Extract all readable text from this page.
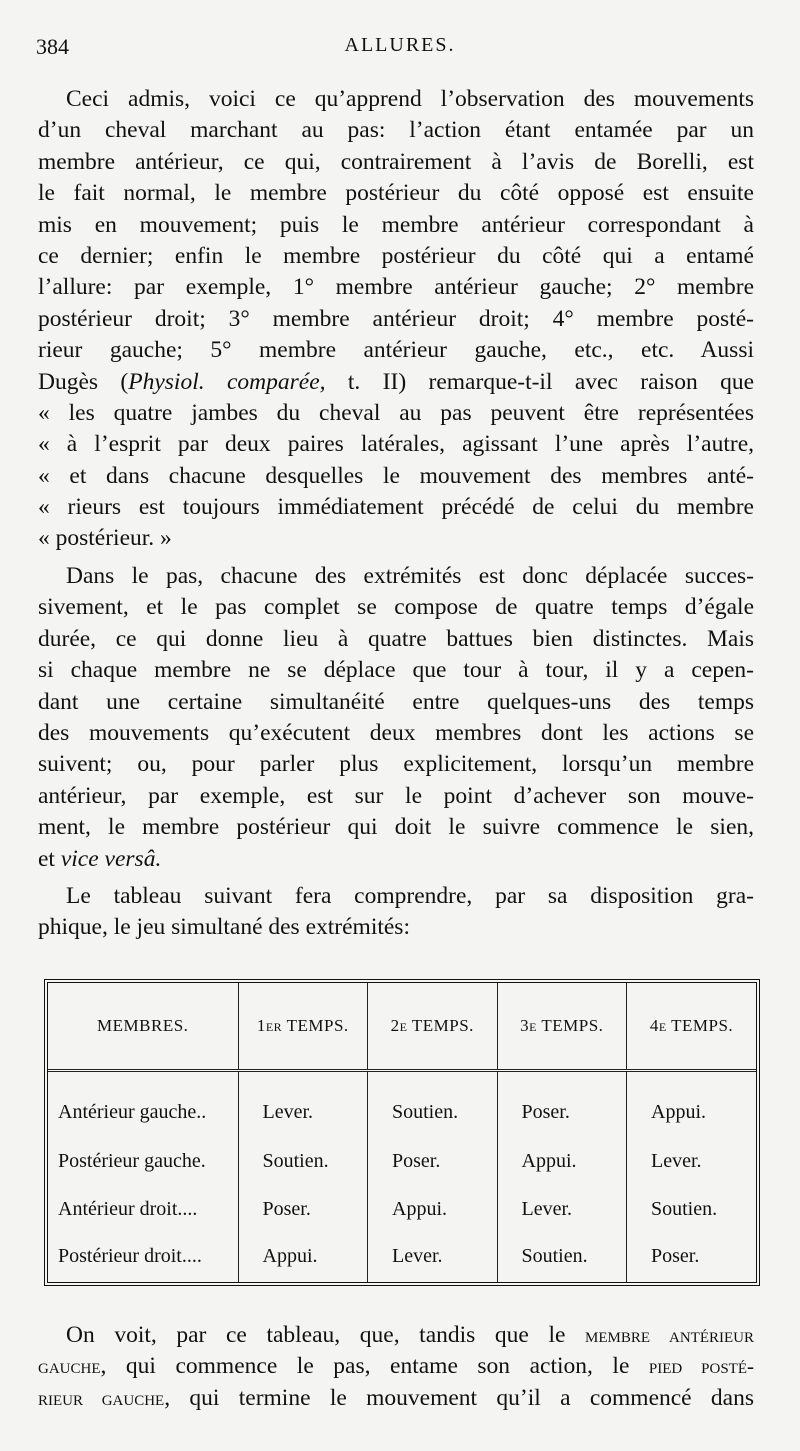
384	ALLURES.
Ceci admis, voici ce qu’apprend l’observation des mouvements
d’un cheval marchant au pas: l’action étant entamée par un
membre antérieur, ce qui, contrairement à l’avis de Borelli, est
le fait normal, le membre postérieur du côté opposé est ensuite
mis en mouvement; puis le membre antérieur correspondant à
ce dernier; enfin le membre postérieur du côté qui a entamé
l’allure: par exemple, 1° membre antérieur gauche; 2° membre
postérieur droit; 3° membre antérieur droit; 4° membre posté-
rieur gauche; 5° membre antérieur gauche, etc., etc. Aussi
Dugès (Physiol. comparée, t. II) remarque-t-il avec raison que
« les quatre jambes du cheval au pas peuvent être représentées
« à l’esprit par deux paires latérales, agissant l’une après l’autre,
« et dans chacune desquelles le mouvement des membres anté-
« rieurs est toujours immédiatement précédé de celui du membre
« postérieur. »
Dans le pas, chacune des extrémités est donc déplacée succes-
sivement, et le pas complet se compose de quatre temps d’égale
durée, ce qui donne lieu à quatre battues bien distinctes. Mais
si chaque membre ne se déplace que tour à tour, il y a cepen-
dant une certaine simultanéité entre quelques-uns des temps
des mouvements qu’exécutent deux membres dont les actions se
suivent; ou, pour parler plus explicitement, lorsqu’un membre
antérieur, par exemple, est sur le point d’achever son mouve-
ment, le membre postérieur qui doit le suivre commence le sien,
et vice versâ.
Le tableau suivant fera comprendre, par sa disposition gra-
phique, le jeu simultané des extrémités:
MEMBRES.	1er TEMPS.	2e TEMPS.	3e TEMPS.	4e TEMPS.
Antérieur gauche..	Lever.	Soutien.	Poser.	Appui.
Postérieur gauche.	Soutien.	Poser.	Appui.	Lever.
Antérieur droit....	Poser.	Appui.	Lever.	Soutien.
Postérieur droit....	Appui.	Lever.	Soutien.	Poser.
On voit, par ce tableau, que, tandis que le membre antérieur
gauche, qui commence le pas, entame son action, le pied posté-
rieur gauche, qui termine le mouvement qu’il a commencé dans
